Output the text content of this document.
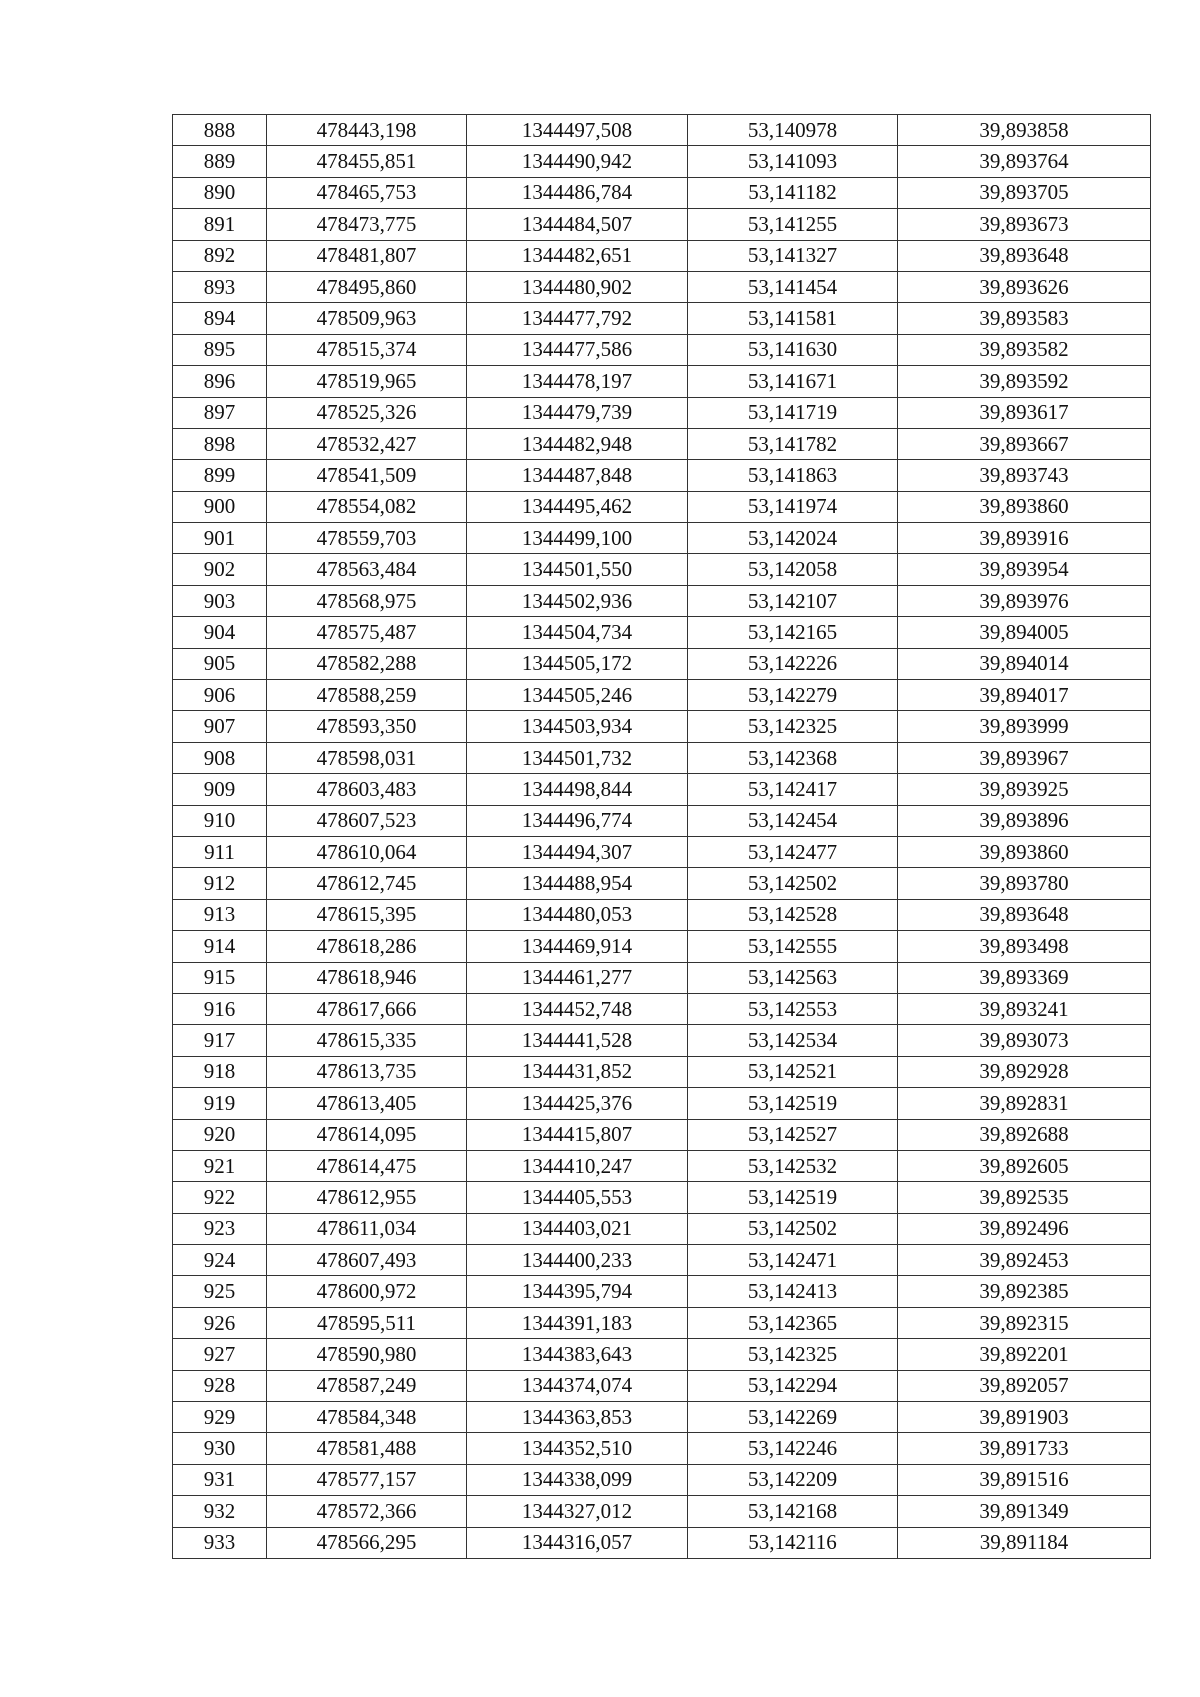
888	478443,198	1344497,508	53,140978	39,893858
889	478455,851	1344490,942	53,141093	39,893764
890	478465,753	1344486,784	53,141182	39,893705
891	478473,775	1344484,507	53,141255	39,893673
892	478481,807	1344482,651	53,141327	39,893648
893	478495,860	1344480,902	53,141454	39,893626
894	478509,963	1344477,792	53,141581	39,893583
895	478515,374	1344477,586	53,141630	39,893582
896	478519,965	1344478,197	53,141671	39,893592
897	478525,326	1344479,739	53,141719	39,893617
898	478532,427	1344482,948	53,141782	39,893667
899	478541,509	1344487,848	53,141863	39,893743
900	478554,082	1344495,462	53,141974	39,893860
901	478559,703	1344499,100	53,142024	39,893916
902	478563,484	1344501,550	53,142058	39,893954
903	478568,975	1344502,936	53,142107	39,893976
904	478575,487	1344504,734	53,142165	39,894005
905	478582,288	1344505,172	53,142226	39,894014
906	478588,259	1344505,246	53,142279	39,894017
907	478593,350	1344503,934	53,142325	39,893999
908	478598,031	1344501,732	53,142368	39,893967
909	478603,483	1344498,844	53,142417	39,893925
910	478607,523	1344496,774	53,142454	39,893896
911	478610,064	1344494,307	53,142477	39,893860
912	478612,745	1344488,954	53,142502	39,893780
913	478615,395	1344480,053	53,142528	39,893648
914	478618,286	1344469,914	53,142555	39,893498
915	478618,946	1344461,277	53,142563	39,893369
916	478617,666	1344452,748	53,142553	39,893241
917	478615,335	1344441,528	53,142534	39,893073
918	478613,735	1344431,852	53,142521	39,892928
919	478613,405	1344425,376	53,142519	39,892831
920	478614,095	1344415,807	53,142527	39,892688
921	478614,475	1344410,247	53,142532	39,892605
922	478612,955	1344405,553	53,142519	39,892535
923	478611,034	1344403,021	53,142502	39,892496
924	478607,493	1344400,233	53,142471	39,892453
925	478600,972	1344395,794	53,142413	39,892385
926	478595,511	1344391,183	53,142365	39,892315
927	478590,980	1344383,643	53,142325	39,892201
928	478587,249	1344374,074	53,142294	39,892057
929	478584,348	1344363,853	53,142269	39,891903
930	478581,488	1344352,510	53,142246	39,891733
931	478577,157	1344338,099	53,142209	39,891516
932	478572,366	1344327,012	53,142168	39,891349
933	478566,295	1344316,057	53,142116	39,891184
